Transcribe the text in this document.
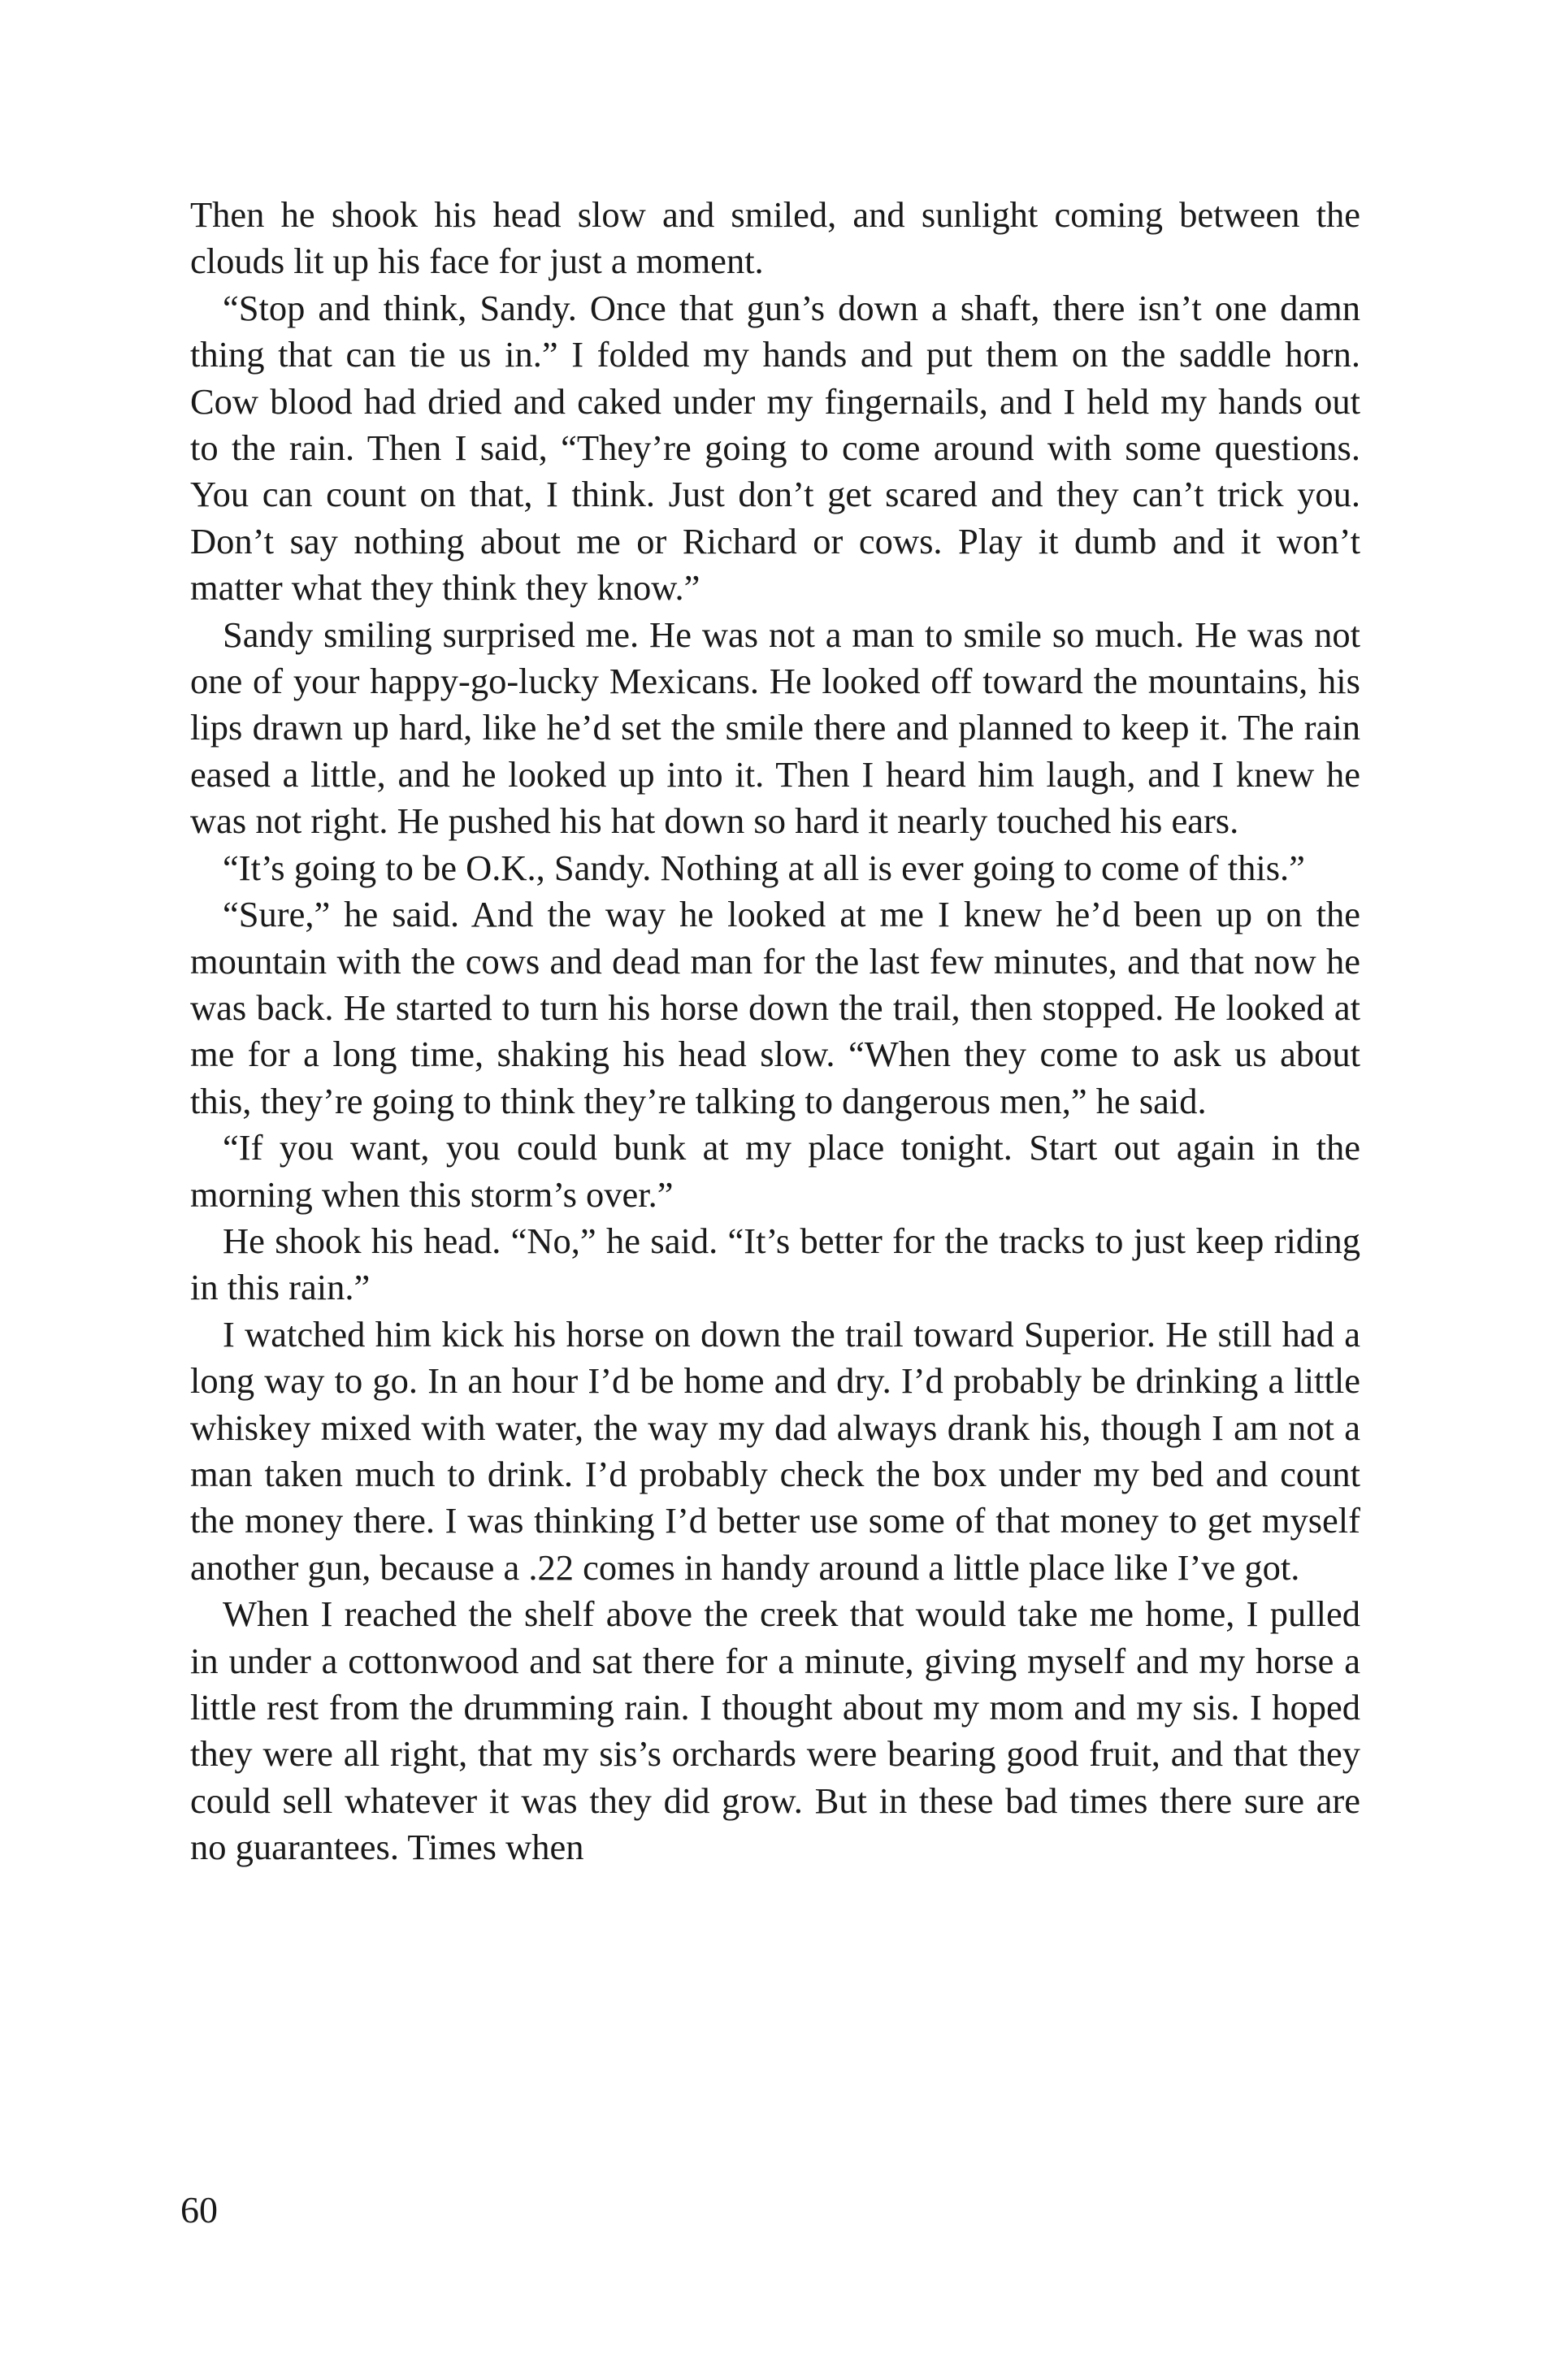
Then he shook his head slow and smiled, and sunlight coming between the clouds lit up his face for just a moment.

“Stop and think, Sandy. Once that gun’s down a shaft, there isn’t one damn thing that can tie us in.” I folded my hands and put them on the saddle horn. Cow blood had dried and caked under my fingernails, and I held my hands out to the rain. Then I said, “They’re going to come around with some questions. You can count on that, I think. Just don’t get scared and they can’t trick you. Don’t say nothing about me or Richard or cows. Play it dumb and it won’t matter what they think they know.”

Sandy smiling surprised me. He was not a man to smile so much. He was not one of your happy-go-lucky Mexicans. He looked off toward the mountains, his lips drawn up hard, like he’d set the smile there and planned to keep it. The rain eased a little, and he looked up into it. Then I heard him laugh, and I knew he was not right. He pushed his hat down so hard it nearly touched his ears.

“It’s going to be O.K., Sandy. Nothing at all is ever going to come of this.”

“Sure,” he said. And the way he looked at me I knew he’d been up on the mountain with the cows and dead man for the last few minutes, and that now he was back. He started to turn his horse down the trail, then stopped. He looked at me for a long time, shaking his head slow. “When they come to ask us about this, they’re going to think they’re talking to dangerous men,” he said.

“If you want, you could bunk at my place tonight. Start out again in the morning when this storm’s over.”

He shook his head. “No,” he said. “It’s better for the tracks to just keep riding in this rain.”

I watched him kick his horse on down the trail toward Superior. He still had a long way to go. In an hour I’d be home and dry. I’d probably be drinking a little whiskey mixed with water, the way my dad always drank his, though I am not a man taken much to drink. I’d probably check the box under my bed and count the money there. I was thinking I’d better use some of that money to get myself another gun, because a .22 comes in handy around a little place like I’ve got.

When I reached the shelf above the creek that would take me home, I pulled in under a cottonwood and sat there for a minute, giving myself and my horse a little rest from the drumming rain. I thought about my mom and my sis. I hoped they were all right, that my sis’s orchards were bearing good fruit, and that they could sell whatever it was they did grow. But in these bad times there sure are no guarantees. Times when

60
